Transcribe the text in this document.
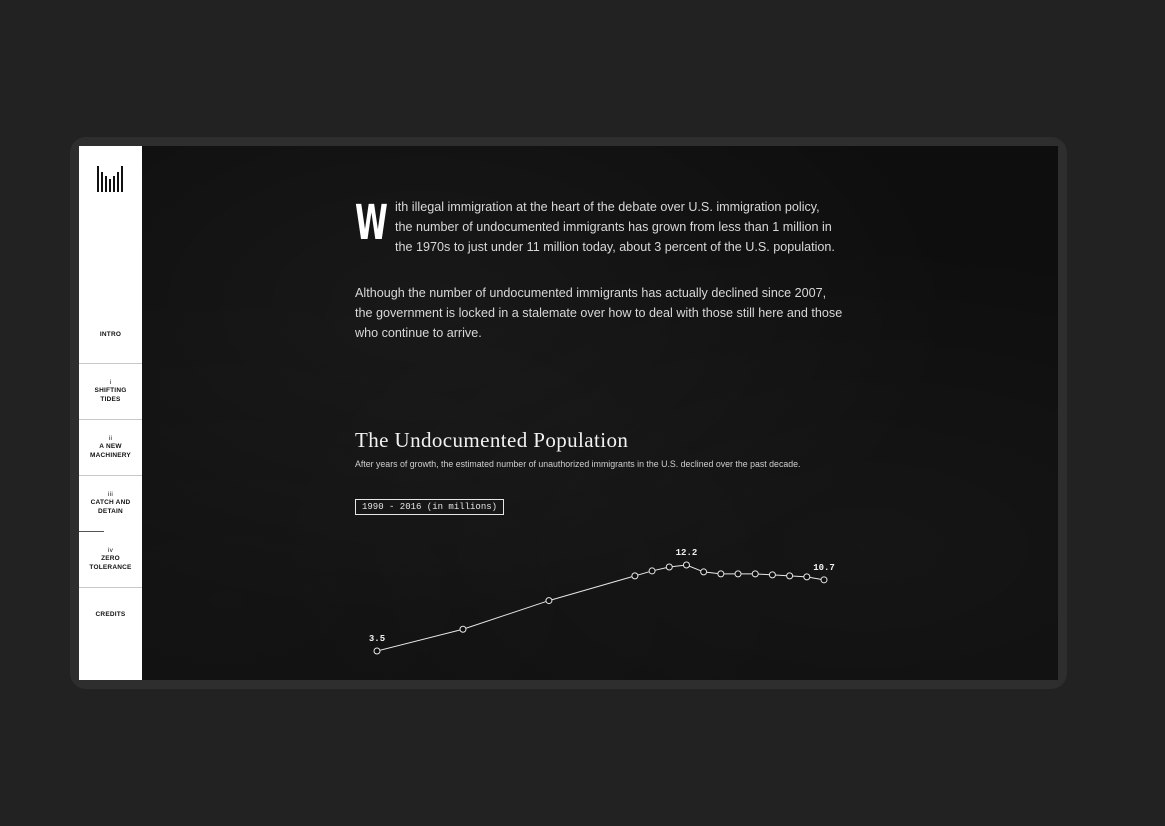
INTRO
i
SHIFTING TIDES
ii
A NEW MACHINERY
iii
CATCH AND DETAIN
iv
ZERO TOLERANCE
CREDITS
W ith illegal immigration at the heart of the debate over U.S. immigration policy, the number of undocumented immigrants has grown from less than 1 million in the 1970s to just under 11 million today, about 3 percent of the U.S. population.

Although the number of undocumented immigrants has actually declined since 2007, the government is locked in a stalemate over how to deal with those still here and those who continue to arrive.

The Undocumented Population

After years of growth, the estimated number of unauthorized immigrants in the U.S. declined over the past decade.

1990 - 2016 (in millions)
3.5
12.2
10.7
